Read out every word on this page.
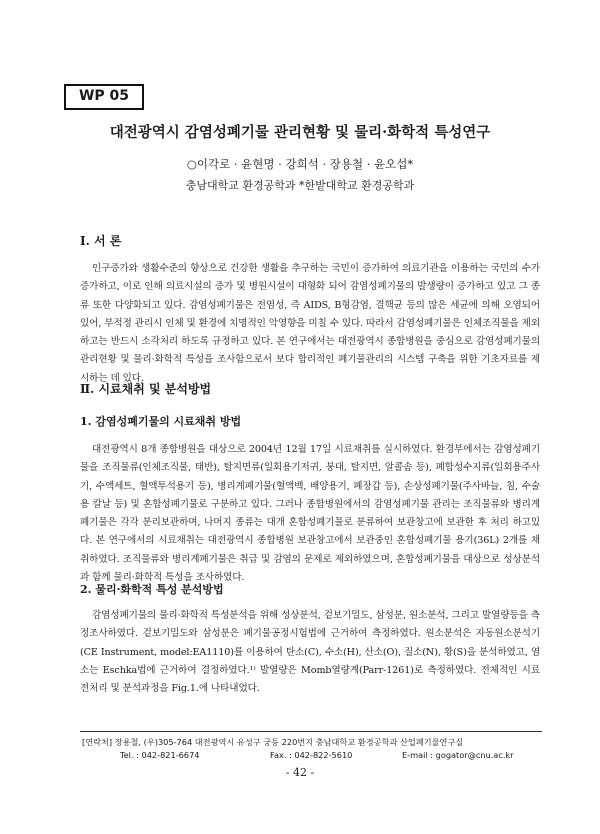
WP 05
대전광역시 감염성폐기물 관리현황 및 물리·화학적 특성연구
○이각로 · 윤현명 · 강희석 · 장용철 · 윤오섭*
충남대학교 환경공학과 *한밭대학교 환경공학과
Ⅰ. 서 론
인구증가와 생활수준의 향상으로 건강한 생활을 추구하는 국민이 증가하여 의료기관을 이용하는 국민의 수가 증가하고, 이로 인해 의료시설의 증가 및 병원시설이 대형화 되어 감염성폐기물의 발생량이 증가하고 있고 그 종류 또한 다양화되고 있다. 감염성폐기물은 전염성, 즉 AIDS, B형감염, 결핵균 등의 많은 세균에 의해 오염되어 있어, 부적정 관리시 인체 및 환경에 치명적인 악영향을 미칠 수 있다. 따라서 감염성폐기물은 인체조직물을 제외하고는 반드시 소각처리 하도록 규정하고 있다. 본 연구에서는 대전광역시 종합병원을 중심으로 감염성폐기물의 관리현황 및 물리·화학적 특성을 조사함으로서 보다 합리적인 폐기물관리의 시스템 구축을 위한 기초자료를 제시하는 데 있다.
Ⅱ. 시료채취 및 분석방법
1. 감염성폐기물의 시료채취 방법
대전광역시 8개 종합병원을 대상으로 2004년 12월 17일 시료채취를 실시하였다. 환경부에서는 감염성폐기물을 조직물류(인체조직물, 태반), 탈지면류(일회용기저귀, 붕대, 탈지면, 알콜솜 등), 폐합성수지류(일회용주사기, 수액세트, 혈액투석용기 등), 병리계폐기물(혈액백, 배양용기, 폐장갑 등), 손상성폐기물(주사바늘, 침, 수술용 칼날 등) 및 혼합성폐기물로 구분하고 있다. 그러나 종합병원에서의 감염성폐기물 관리는 조직물류와 병리계폐기물은 각각 분리보관하며, 나머지 종류는 대개 혼합성폐기물로 분류하여 보관창고에 보관한 후 처리 하고있다. 본 연구에서의 시료채취는 대전광역시 종합병원 보관창고에서 보관중인 혼합성폐기물 용기(36L) 2개를 채취하였다. 조직물류와 병리계폐기물은 취급 및 감염의 문제로 제외하였으며, 혼합성폐기물을 대상으로 성상분석과 함께 물리·화학적 특성을 조사하였다.
2. 물리·화학적 특성 분석방법
감염성폐기물의 물리·화학적 특성분석을 위해 성상분석, 겉보기밀도, 삼성분, 원소분석, 그리고 발열량등을 측정조사하였다. 겉보기밀도와 삼성분은 폐기물공정시험법에 근거하여 측정하였다. 원소분석은 자동원소분석기(CE Instrument, model:EA1110)를 이용하여 탄소(C), 수소(H), 산소(O), 질소(N), 황(S)을 분석하였고, 염소는 Eschka법에 근거하여 결정하였다.¹⁾ 발열량은 Momb열량계(Parr-1261)로 측정하였다. 전체적인 시료 전처리 및 분석과정을 Fig.1.에 나타내었다.
[연락처] 장용철, (우)305-764 대전광역시 유성구 궁동 220번지 충남대학교 환경공학과 산업폐기물연구실
Tel. : 042-821-6674	Fax. : 042-822-5610	E-mail : gogator@cnu.ac.kr
- 42 -
